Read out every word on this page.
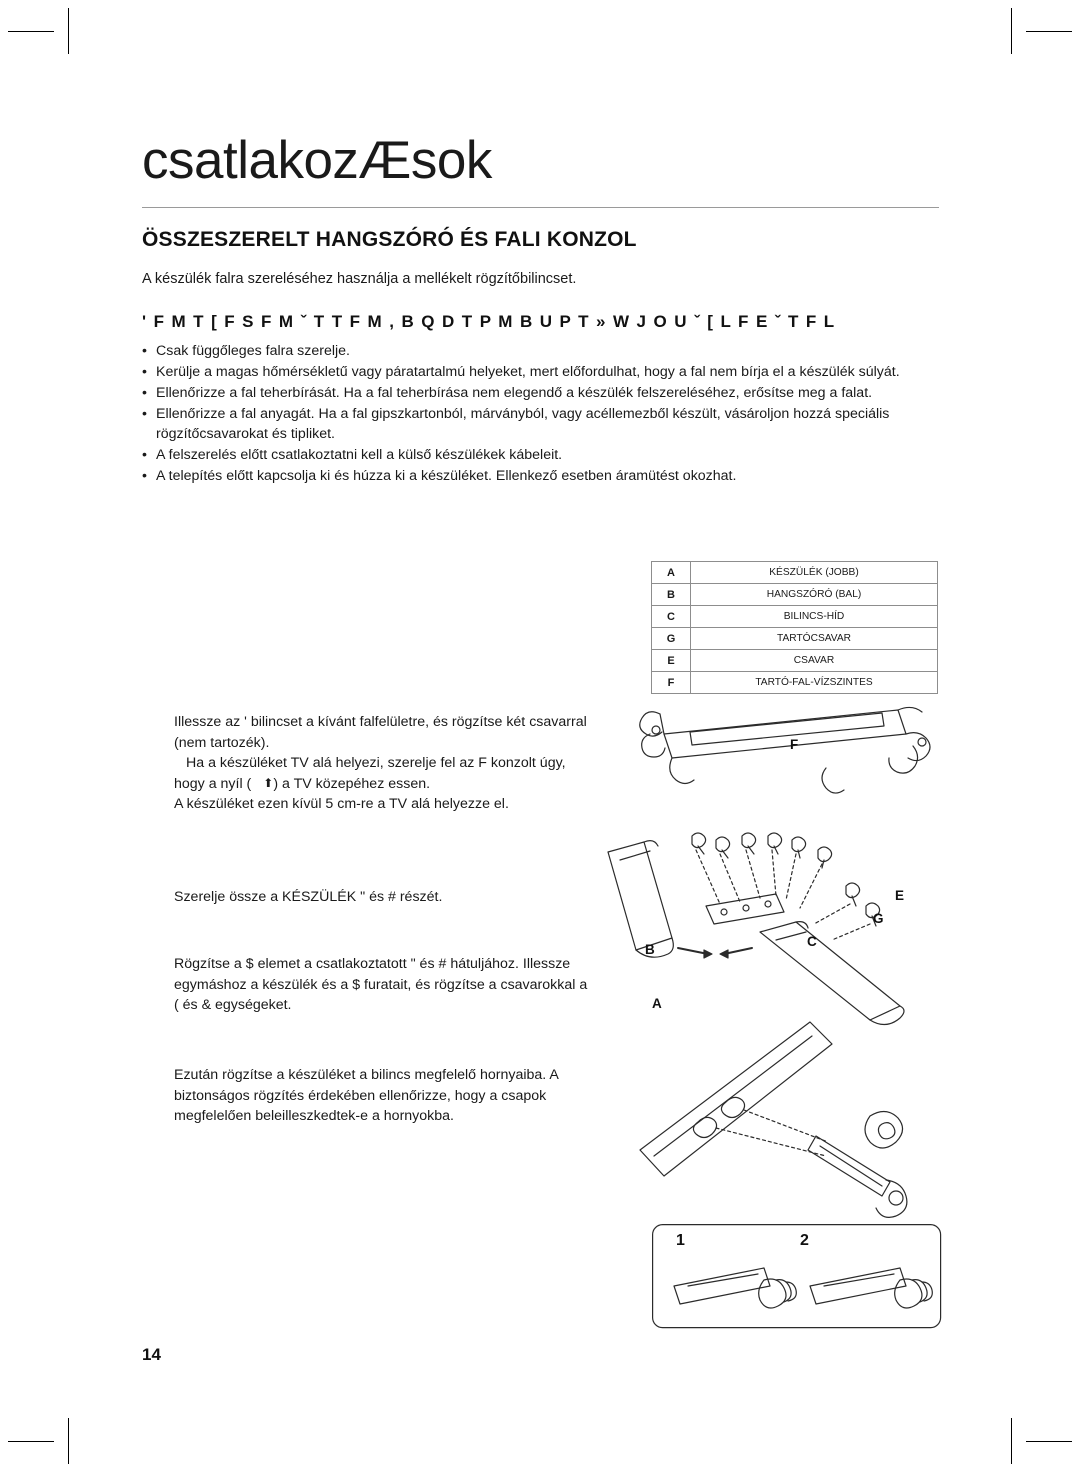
csatlakozÆsok
ÖSSZESZERELT HANGSZÓRÓ ÉS FALI KONZOL
A készülék falra szereléséhez használja a mellékelt rögzítőbilincset.
' F M T [ F S F M ˇ T T F M , B Q D T P M B U P T » W J O U ˇ [ L F E ˇ T F L
• Csak függőleges falra szerelje.
• Kerülje a magas hőmérsékletű vagy páratartalmú helyeket, mert előfordulhat, hogy a fal nem bírja el a készülék súlyát.
• Ellenőrizze a fal teherbírását. Ha a fal teherbírása nem elegendő a készülék felszereléséhez, erősítse meg a falat.
• Ellenőrizze a fal anyagát. Ha a fal gipszkartonból, márványból, vagy acéllemezből készült, vásároljon hozzá speciális rögzítőcsavarokat és tipliket.
• A felszerelés előtt csatlakoztatni kell a külső készülékek kábeleit.
• A telepítés előtt kapcsolja ki és húzza ki a készüléket. Ellenkező esetben áramütést okozhat.
A	KÉSZÜLÉK (JOBB)
B	HANGSZÓRÓ (BAL)
C	BILINCS-HÍD
G	TARTÓCSAVAR
E	CSAVAR
F	TARTÓ-FAL-VÍZSZINTES
Illessze az ' bilincset a kívánt falfelületre, és rögzítse két csavarral (nem tartozék).
Ha a készüléket TV alá helyezi, szerelje fel az F konzolt úgy, hogy a nyíl ( ⬆) a TV közepéhez essen.
A készüléket ezen kívül 5 cm-re a TV alá helyezze el.
Szerelje össze a KÉSZÜLÉK " és # részét.
Rögzítse a $ elemet a csatlakoztatott " és # hátuljához. Illessze egymáshoz a készülék és a $ furatait, és rögzítse a csavarokkal a ( és & egységeket.
Ezután rögzítse a készüléket a bilincs megfelelő hornyaiba. A biztonságos rögzítés érdekében ellenőrizze, hogy a csapok megfelelően beleilleszkedtek-e a hornyokba.
F
E
G
C
B
A
1	2
14
